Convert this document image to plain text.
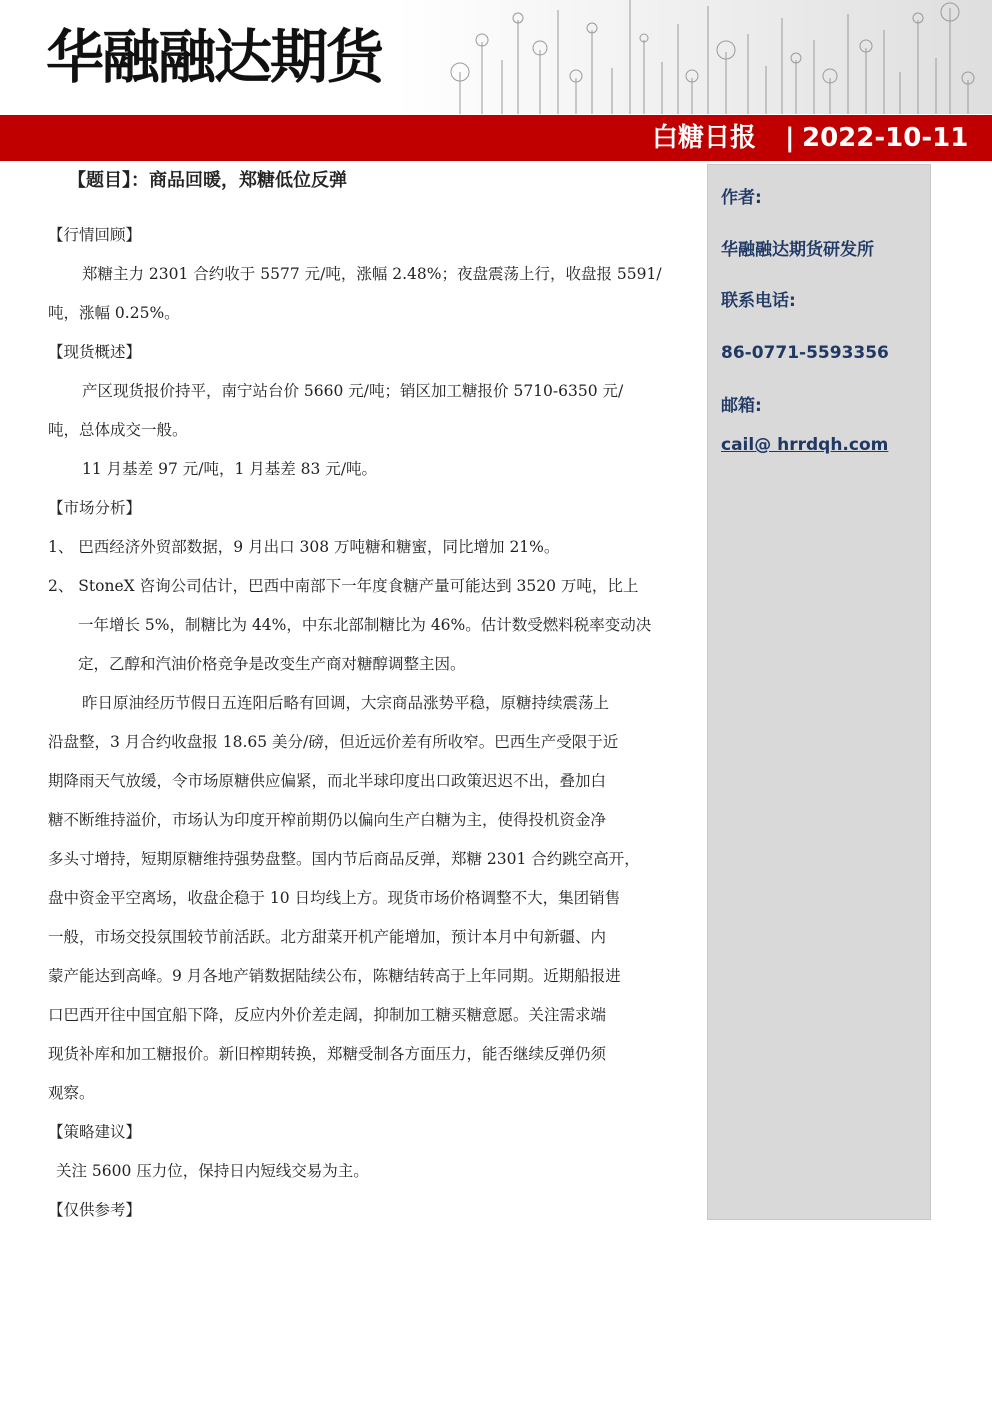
华融融达期货
白糖日报 | 2022-10-11
【题目】：商品回暖，郑糖低位反弹
【行情回顾】
郑糖主力 2301 合约收于 5577 元/吨，涨幅 2.48%；夜盘震荡上行，收盘报 5591/
吨，涨幅 0.25%。
【现货概述】
产区现货报价持平，南宁站台价 5660 元/吨；销区加工糖报价 5710-6350 元/
吨，总体成交一般。
11 月基差 97 元/吨，1 月基差 83 元/吨。
【市场分析】
1、 巴西经济外贸部数据，9 月出口 308 万吨糖和糖蜜，同比增加 21%。
2、 StoneX 咨询公司估计，巴西中南部下一年度食糖产量可能达到 3520 万吨，比上
一年增长 5%，制糖比为 44%，中东北部制糖比为 46%。估计数受燃料税率变动决
定，乙醇和汽油价格竞争是改变生产商对糖醇调整主因。
昨日原油经历节假日五连阳后略有回调，大宗商品涨势平稳，原糖持续震荡上
沿盘整，3 月合约收盘报 18.65 美分/磅，但近远价差有所收窄。巴西生产受限于近
期降雨天气放缓，令市场原糖供应偏紧，而北半球印度出口政策迟迟不出，叠加白
糖不断维持溢价，市场认为印度开榨前期仍以偏向生产白糖为主，使得投机资金净
多头寸增持，短期原糖维持强势盘整。国内节后商品反弹，郑糖 2301 合约跳空高开，
盘中资金平空离场，收盘企稳于 10 日均线上方。现货市场价格调整不大，集团销售
一般，市场交投氛围较节前活跃。北方甜菜开机产能增加，预计本月中旬新疆、内
蒙产能达到高峰。9 月各地产销数据陆续公布，陈糖结转高于上年同期。近期船报进
口巴西开往中国宜船下降，反应内外价差走阔，抑制加工糖买糖意愿。关注需求端
现货补库和加工糖报价。新旧榨期转换，郑糖受制各方面压力，能否继续反弹仍须
观察。
【策略建议】
关注 5600 压力位，保持日内短线交易为主。
【仅供参考】
作者:
华融融达期货研发所
联系电话:
86-0771-5593356
邮箱:
cail@ hrrdqh.com
